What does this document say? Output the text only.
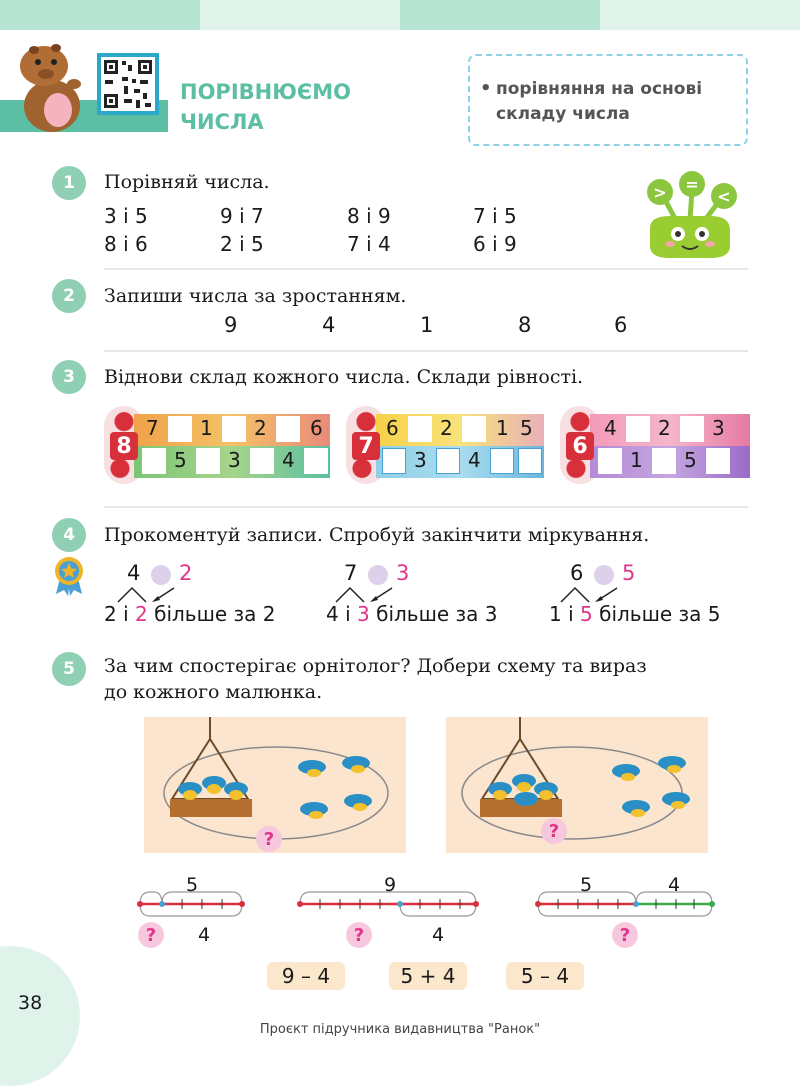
ПОРІВНЮЄМО
ЧИСЛА
• порівняння на основі
складу числа
1	Порівняй числа.
3 і 5	9 і 7	8 і 9	7 і 5
8 і 6	2 і 5	7 і 4	6 і 9
> =
<
2	Запиши числа за зростанням.
9	4	1	8	6
3	Віднови склад кожного числа. Склади рівності.
8
7 1 2 6
5 3 4
7
6 2 1 5
3 4
6
4 2 3
1 5
4	Прокоментуй записи. Спробуй закінчити міркування.
4 2
2 і 2 більше за 2
7 3
4 і 3 більше за 3
6 5
1 і 5 більше за 5
5	За чим спостерігає орнітолог? Добери схему та вираз
до кожного малюнка.
?	?
5
4
?
9
4
?
5	4
?
9 – 4	5 + 4	5 – 4
38
Проєкт підручника видавництва "Ранок"
